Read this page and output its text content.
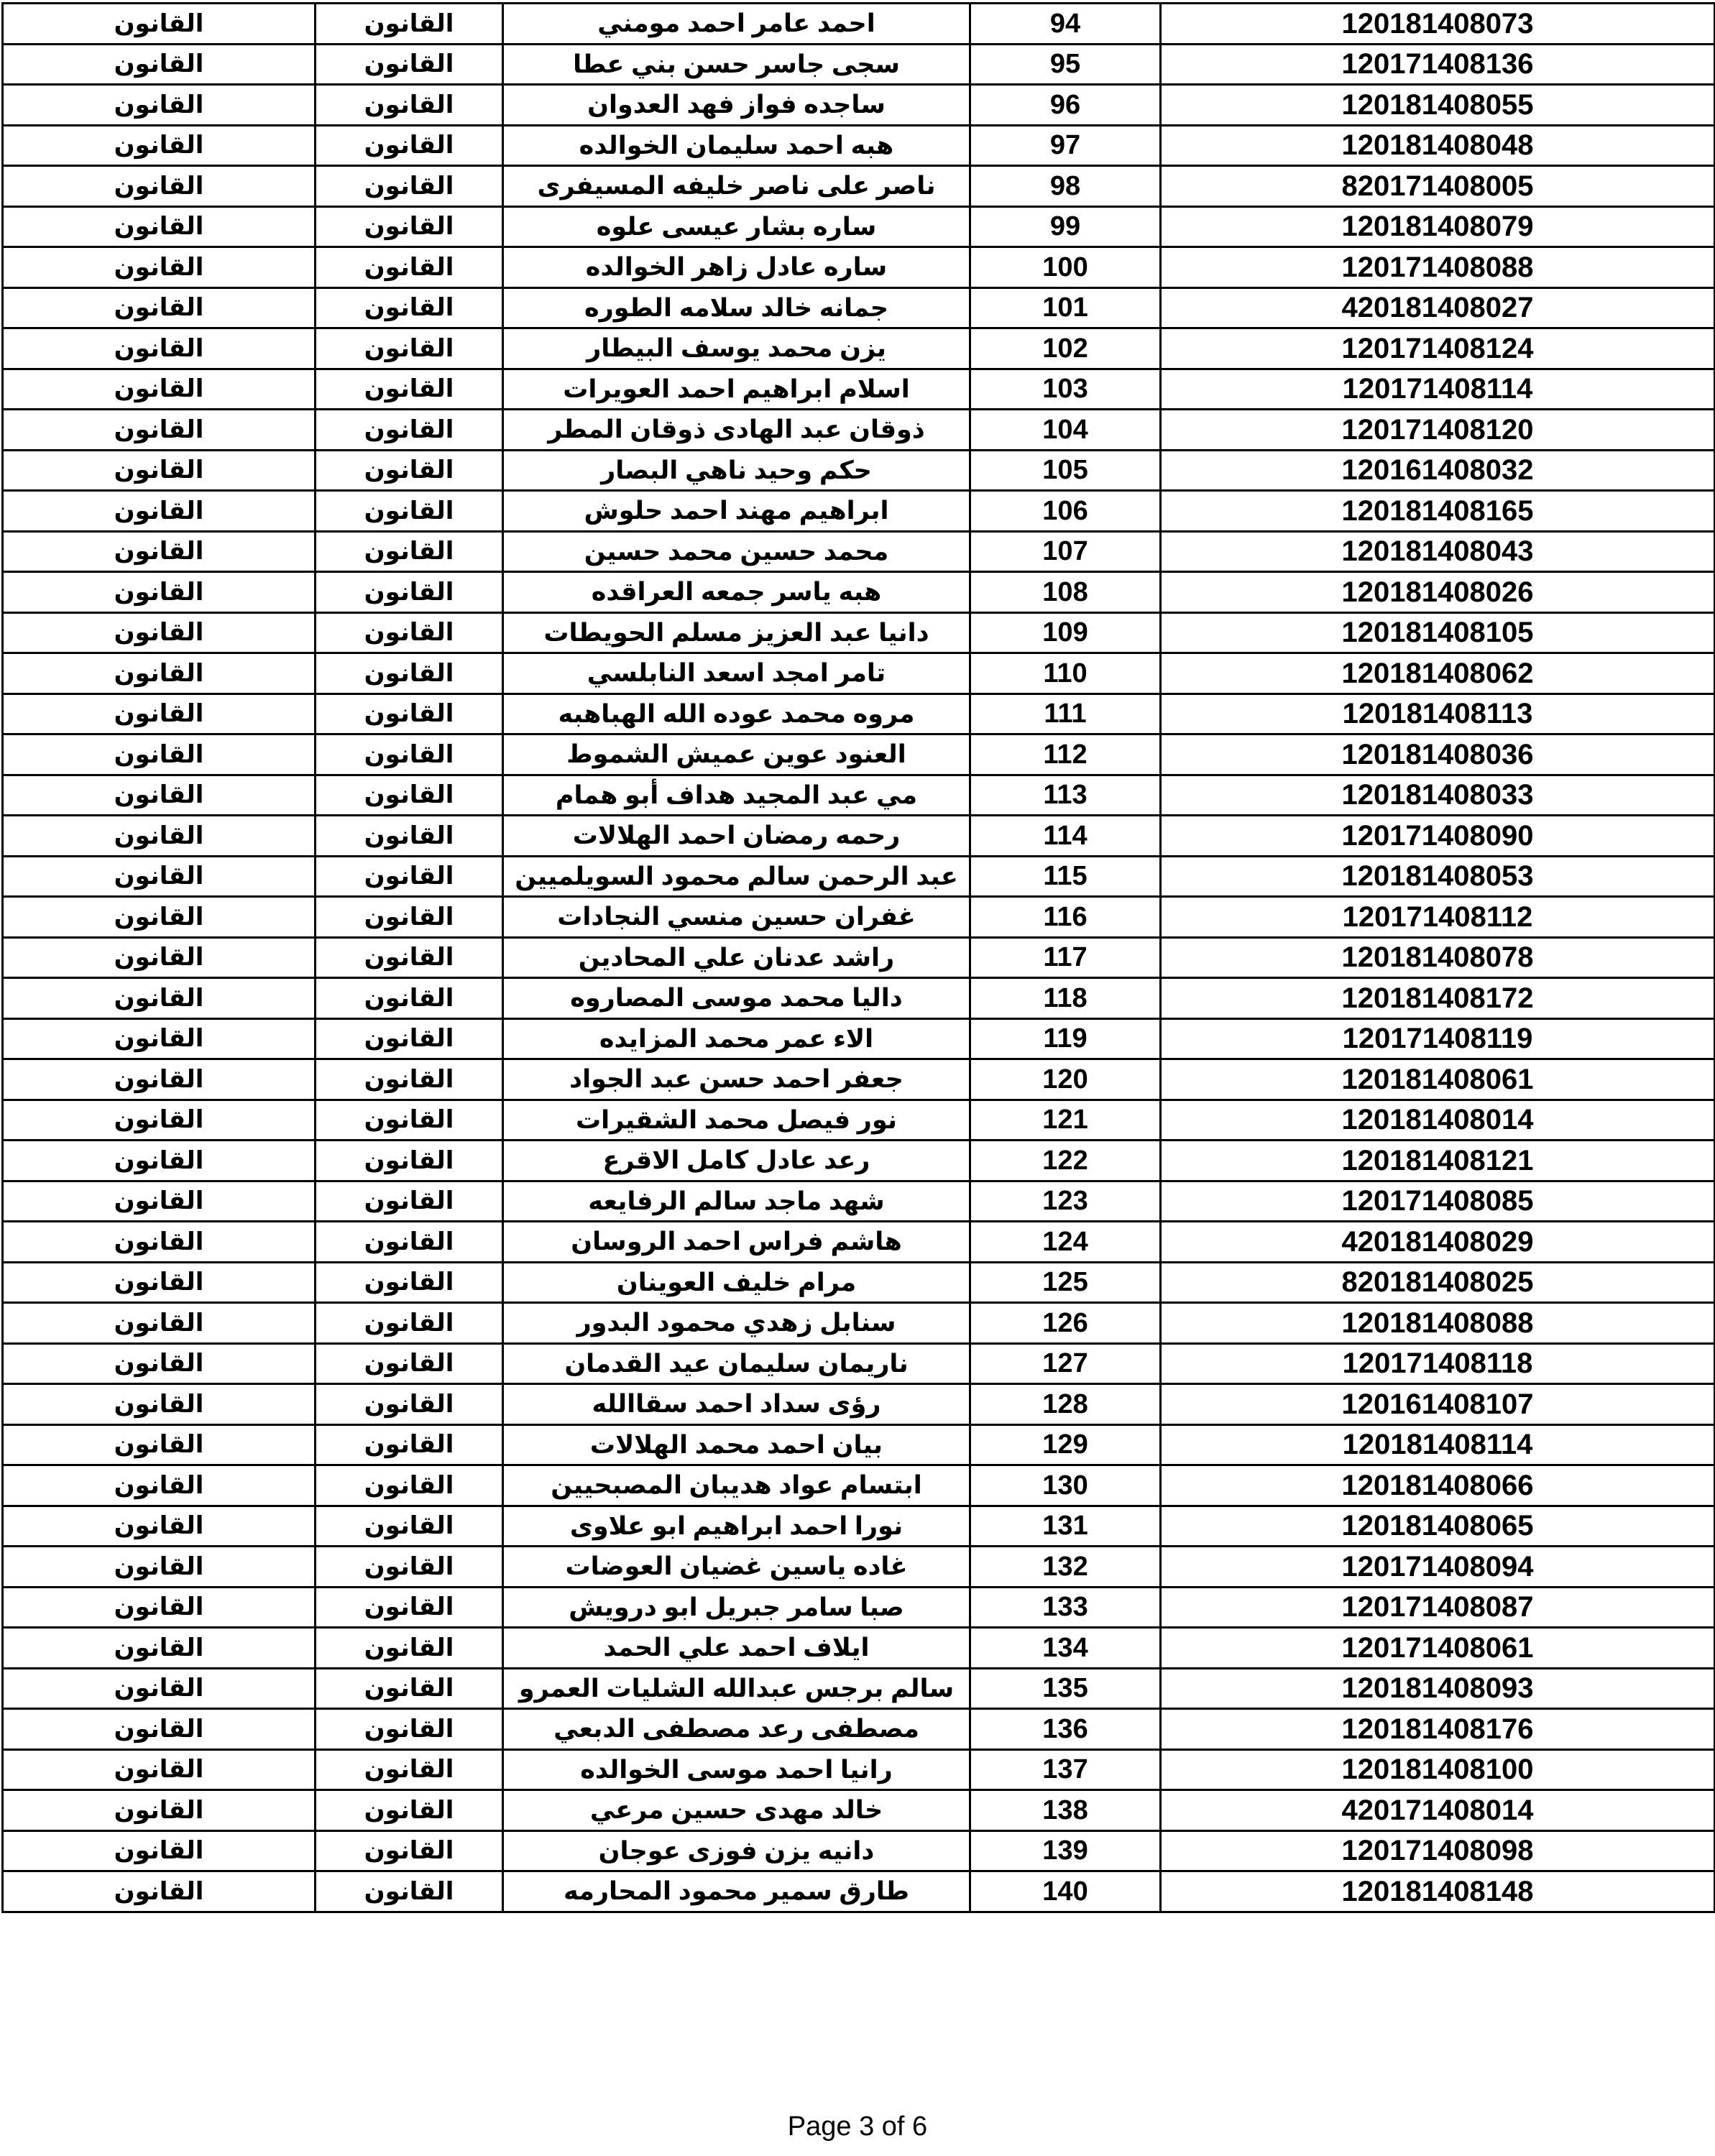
القانون	القانون	احمد عامر احمد مومني	94	120181408073
القانون	القانون	سجى جاسر حسن بني عطا	95	120171408136
القانون	القانون	ساجده فواز فهد العدوان	96	120181408055
القانون	القانون	هبه احمد سليمان الخوالده	97	120181408048
القانون	القانون	ناصر على ناصر خليفه المسيفرى	98	820171408005
القانون	القانون	ساره بشار عيسى علوه	99	120181408079
القانون	القانون	ساره عادل زاهر الخوالده	100	120171408088
القانون	القانون	جمانه خالد سلامه الطوره	101	420181408027
القانون	القانون	يزن محمد يوسف البيطار	102	120171408124
القانون	القانون	اسلام ابراهيم احمد العويرات	103	120171408114
القانون	القانون	ذوقان عبد الهادى ذوقان المطر	104	120171408120
القانون	القانون	حكم وحيد ناهي البصار	105	120161408032
القانون	القانون	ابراهيم مهند احمد حلوش	106	120181408165
القانون	القانون	محمد حسين محمد حسين	107	120181408043
القانون	القانون	هبه ياسر جمعه العراقده	108	120181408026
القانون	القانون	دانيا عبد العزيز مسلم الحويطات	109	120181408105
القانون	القانون	تامر امجد اسعد النابلسي	110	120181408062
القانون	القانون	مروه محمد عوده الله الهباهبه	111	120181408113
القانون	القانون	العنود عوين عميش الشموط	112	120181408036
القانون	القانون	مي عبد المجيد هداف أبو همام	113	120181408033
القانون	القانون	رحمه رمضان احمد الهلالات	114	120171408090
القانون	القانون	عبد الرحمن سالم محمود السويلميين	115	120181408053
القانون	القانون	غفران حسين منسي النجادات	116	120171408112
القانون	القانون	راشد عدنان علي المحادين	117	120181408078
القانون	القانون	داليا محمد موسى المصاروه	118	120181408172
القانون	القانون	الاء عمر محمد المزايده	119	120171408119
القانون	القانون	جعفر احمد حسن عبد الجواد	120	120181408061
القانون	القانون	نور فيصل محمد الشقيرات	121	120181408014
القانون	القانون	رعد عادل كامل الاقرع	122	120181408121
القانون	القانون	شهد ماجد سالم الرفايعه	123	120171408085
القانون	القانون	هاشم فراس احمد الروسان	124	420181408029
القانون	القانون	مرام خليف العوينان	125	820181408025
القانون	القانون	سنابل زهدي محمود البدور	126	120181408088
القانون	القانون	ناريمان سليمان عيد القدمان	127	120171408118
القانون	القانون	رؤى سداد احمد سقاالله	128	120161408107
القانون	القانون	بيان احمد محمد الهلالات	129	120181408114
القانون	القانون	ابتسام عواد هديبان المصبحيين	130	120181408066
القانون	القانون	نورا احمد ابراهيم ابو علاوى	131	120181408065
القانون	القانون	غاده ياسين غضيان العوضات	132	120171408094
القانون	القانون	صبا سامر جبريل ابو درويش	133	120171408087
القانون	القانون	ايلاف احمد علي الحمد	134	120171408061
القانون	القانون	سالم برجس عبدالله الشليات العمرو	135	120181408093
القانون	القانون	مصطفى رعد مصطفى الدبعي	136	120181408176
القانون	القانون	رانيا احمد موسى الخوالده	137	120181408100
القانون	القانون	خالد مهدى حسين مرعي	138	420171408014
القانون	القانون	دانيه يزن فوزى عوجان	139	120171408098
القانون	القانون	طارق سمير محمود المحارمه	140	120181408148
Page 3 of 6
